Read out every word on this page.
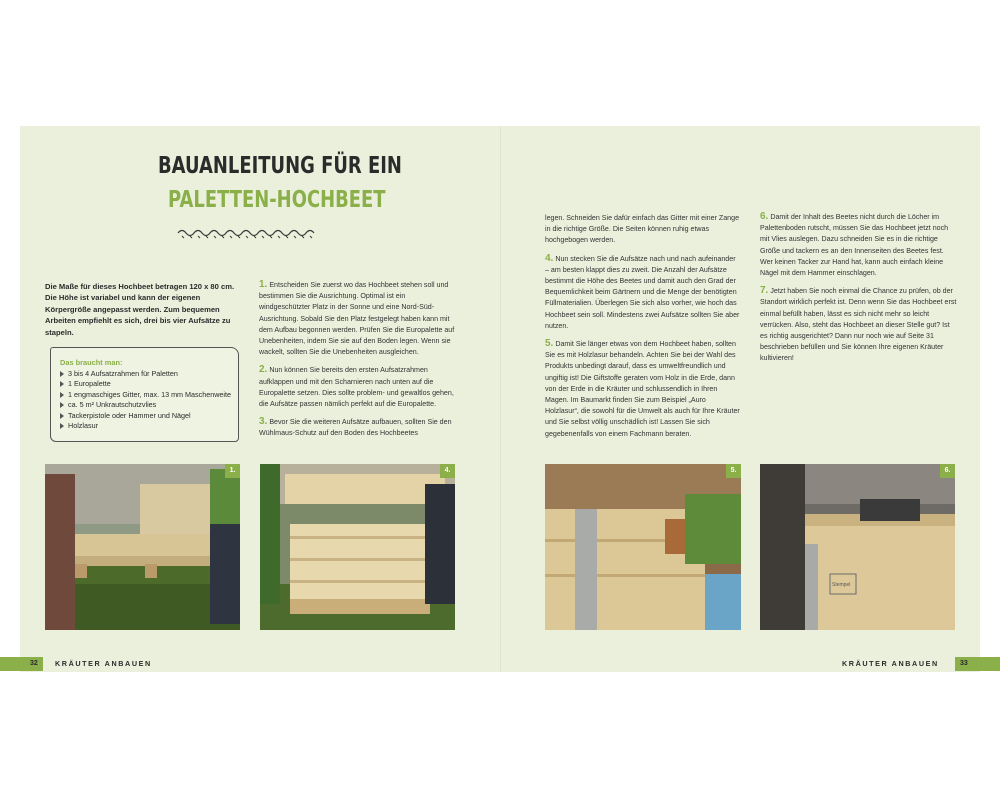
BAUANLEITUNG FÜR EIN
PALETTEN-HOCHBEET
Die Maße für dieses Hochbeet betragen 120 x 80 cm. Die Höhe ist variabel und kann der eigenen Körpergröße angepasst werden. Zum bequemen Arbeiten empfiehlt es sich, drei bis vier Aufsätze zu stapeln.
Das braucht man:
3 bis 4 Aufsatzrahmen für Paletten
1 Europalette
1 engmaschiges Gitter, max. 13 mm Maschenweite
ca. 5 m² Unkrautschutzvlies
Tackerpistole oder Hammer und Nägel
Holzlasur

1. Entscheiden Sie zuerst wo das Hochbeet stehen soll und bestimmen Sie die Ausrichtung. Optimal ist ein windgeschützter Platz in der Sonne und eine Nord-Süd-Ausrichtung. Sobald Sie den Platz festgelegt haben kann mit dem Aufbau begonnen werden. Prüfen Sie die Europalette auf Unebenheiten, indem Sie sie auf den Boden legen. Wenn sie wackelt, sollten Sie die Unebenheiten ausgleichen.

2. Nun können Sie bereits den ersten Aufsatzrahmen aufklappen und mit den Scharnieren nach unten auf die Europalette setzen. Dies sollte problem- und gewaltlos gehen, die Aufsätze passen nämlich perfekt auf die Europalette.

3. Bevor Sie die weiteren Aufsätze aufbauen, sollten Sie den Wühlmaus-Schutz auf den Boden des Hochbeetes

legen. Schneiden Sie dafür einfach das Gitter mit einer Zange in die richtige Größe. Die Seiten können ruhig etwas hochgebogen werden.

4. Nun stecken Sie die Aufsätze nach und nach aufeinander – am besten klappt dies zu zweit. Die Anzahl der Aufsätze bestimmt die Höhe des Beetes und damit auch den Grad der Bequemlichkeit beim Gärtnern und die Menge der benötigten Füllmaterialien. Überlegen Sie sich also vorher, wie hoch das Hochbeet sein soll. Mindestens zwei Aufsätze sollten Sie aber nutzen.

5. Damit Sie länger etwas von dem Hochbeet haben, sollten Sie es mit Holzlasur behandeln. Achten Sie bei der Wahl des Produkts unbedingt darauf, dass es umweltfreundlich und ungiftig ist! Die Giftstoffe geraten vom Holz in die Erde, dann von der Erde in die Kräuter und schlussendlich in Ihren Magen. Im Baumarkt finden Sie zum Beispiel „Auro Holzlasur“, die sowohl für die Umwelt als auch für Ihre Kräuter und Sie selbst völlig unschädlich ist! Lassen Sie sich gegebenenfalls von einem Fachmann beraten.

6. Damit der Inhalt des Beetes nicht durch die Löcher im Palettenboden rutscht, müssen Sie das Hochbeet jetzt noch mit Vlies auslegen. Dazu schneiden Sie es in die richtige Größe und tackern es an den Innenseiten des Beetes fest. Wer keinen Tacker zur Hand hat, kann auch einfach kleine Nägel mit dem Hammer einschlagen.

7. Jetzt haben Sie noch einmal die Chance zu prüfen, ob der Standort wirklich perfekt ist. Denn wenn Sie das Hochbeet erst einmal befüllt haben, lässt es sich nicht mehr so leicht verrücken. Also, steht das Hochbeet an dieser Stelle gut? Ist es richtig ausgerichtet? Dann nur noch wie auf Seite 31 beschrieben befüllen und Sie können Ihre eigenen Kräuter kultivieren!

1.	4.	5.
Stempel
6.
32 KRÄUTER ANBAUEN	KRÄUTER ANBAUEN	33
